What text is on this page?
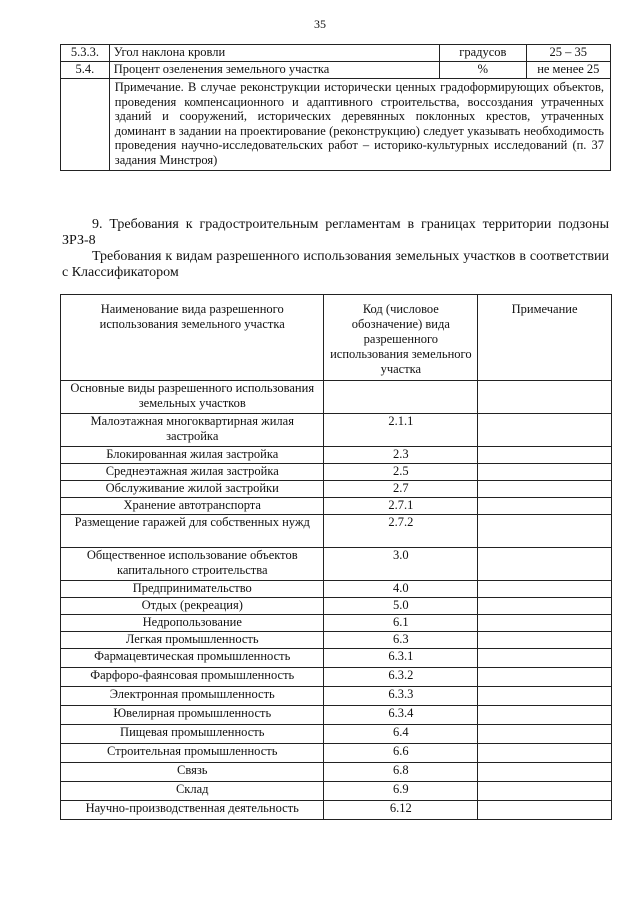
35
5.3.3.	Угол наклона кровли	градусов	25 – 35
5.4.	Процент озеленения земельного участка	%	не менее 25
	Примечание. В случае реконструкции исторически ценных градоформирующих объектов, проведения компенсационного и адаптивного строительства, воссоздания утраченных зданий и сооружений, исторических деревянных поклонных крестов, утраченных доминант в задании на проектирование (реконструкцию) следует указывать необходимость проведения научно-исследовательских работ – историко-культурных исследований (п. 37 задания Минстроя)		
9. Требования к градостроительным регламентам в границах территории подзоны ЗРЗ-8
Требования к видам разрешенного использования земельных участков в соответствии с Классификатором
Наименование вида разрешенного использования земельного участка	Код (числовое обозначение) вида разрешенного использования земельного участка	Примечание
Основные виды разрешенного использования земельных участков		
Малоэтажная многоквартирная жилая застройка	2.1.1	
Блокированная жилая застройка	2.3	
Среднеэтажная жилая застройка	2.5	
Обслуживание жилой застройки	2.7	
Хранение автотранспорта	2.7.1	
Размещение гаражей для собственных нужд	2.7.2	
Общественное использование объектов капитального строительства	3.0	
Предпринимательство	4.0	
Отдых (рекреация)	5.0	
Недропользование	6.1	
Легкая промышленность	6.3	
Фармацевтическая промышленность	6.3.1	
Фарфоро-фаянсовая промышленность	6.3.2	
Электронная промышленность	6.3.3	
Ювелирная промышленность	6.3.4	
Пищевая промышленность	6.4	
Строительная промышленность	6.6	
Связь	6.8	
Склад	6.9	
Научно-производственная деятельность	6.12	
